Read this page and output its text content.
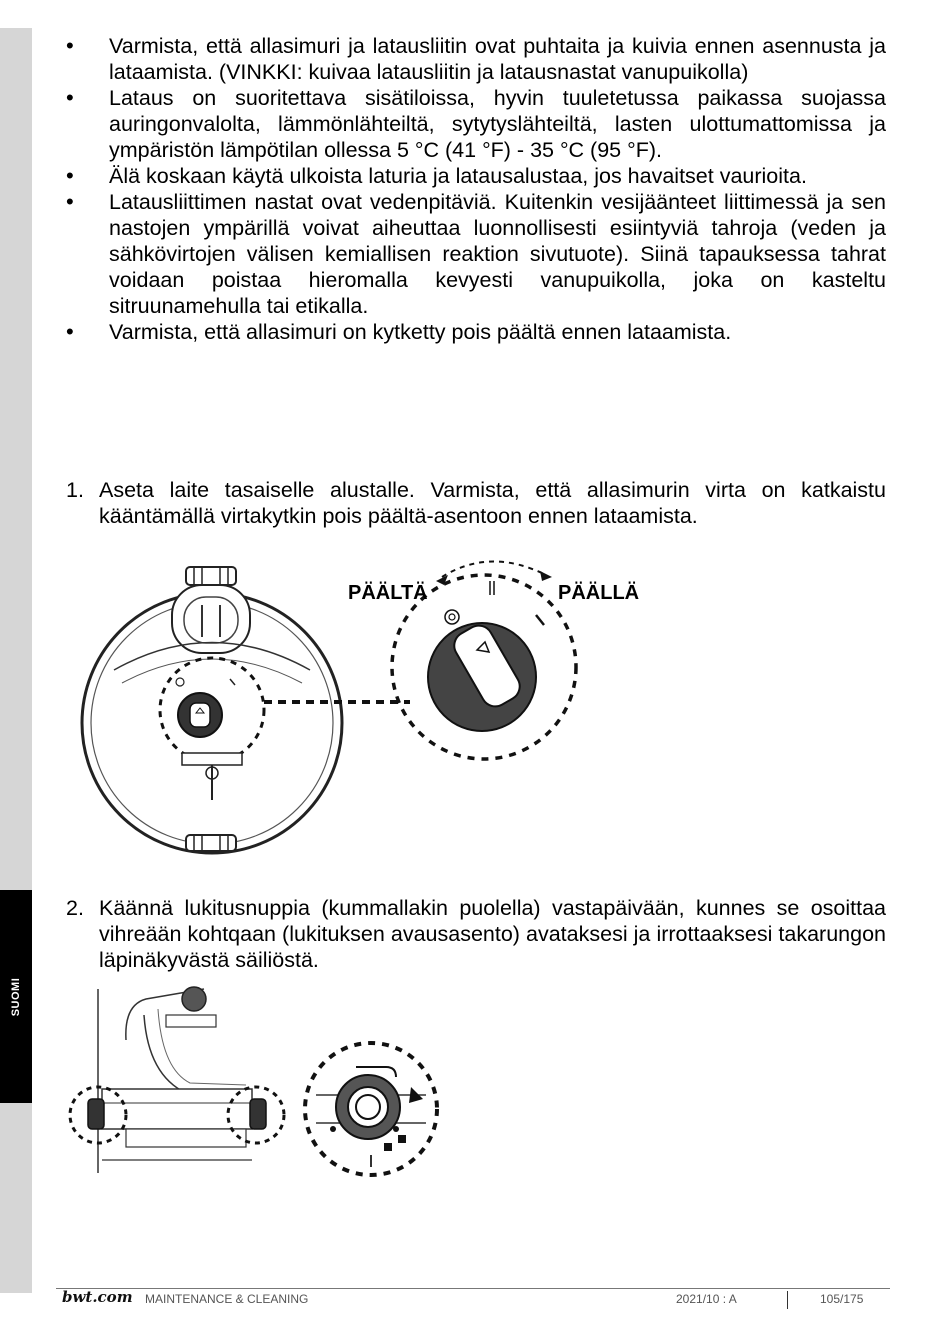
SUOMI
• Varmista, että allasimuri ja latausliitin ovat puhtaita ja kuivia ennen asennusta ja lataamista. (VINKKI: kuivaa latausliitin ja latausnastat vanupuikolla)
• Lataus on suoritettava sisätiloissa, hyvin tuuletetussa paikassa suojassa auringonvalolta, lämmönlähteiltä, sytytyslähteiltä, lasten ulottumattomissa ja ympäristön lämpötilan ollessa 5 °C (41 °F) - 35 °C (95 °F).
• Älä koskaan käytä ulkoista laturia ja latausalustaa, jos havaitset vaurioita.
• Latausliittimen nastat ovat vedenpitäviä. Kuitenkin vesijäänteet liittimessä ja sen nastojen ympärillä voivat aiheuttaa luonnollisesti esiintyviä tahroja (veden ja sähkövirtojen välisen kemiallisen reaktion sivutuote). Siinä tapauksessa tahrat voidaan poistaa hieromalla kevyesti vanupuikolla, joka on kasteltu sitruunamehulla tai etikalla.
• Varmista, että allasimuri on kytketty pois päältä ennen lataamista.
1. Aseta laite tasaiselle alustalle. Varmista, että allasimurin virta on katkaistu kääntämällä virtakytkin pois päältä-asentoon ennen lataamista.
PÄÄLTÄ	PÄÄLLÄ
2. Käännä lukitusnuppia (kummallakin puolella) vastapäivään, kunnes se osoittaa vihreään kohtqaan (lukituksen avausasento) avataksesi ja irrottaaksesi takarungon läpinäkyvästä säiliöstä.
bwt.com MAINTENANCE & CLEANING	2021/10 : A	105/175
